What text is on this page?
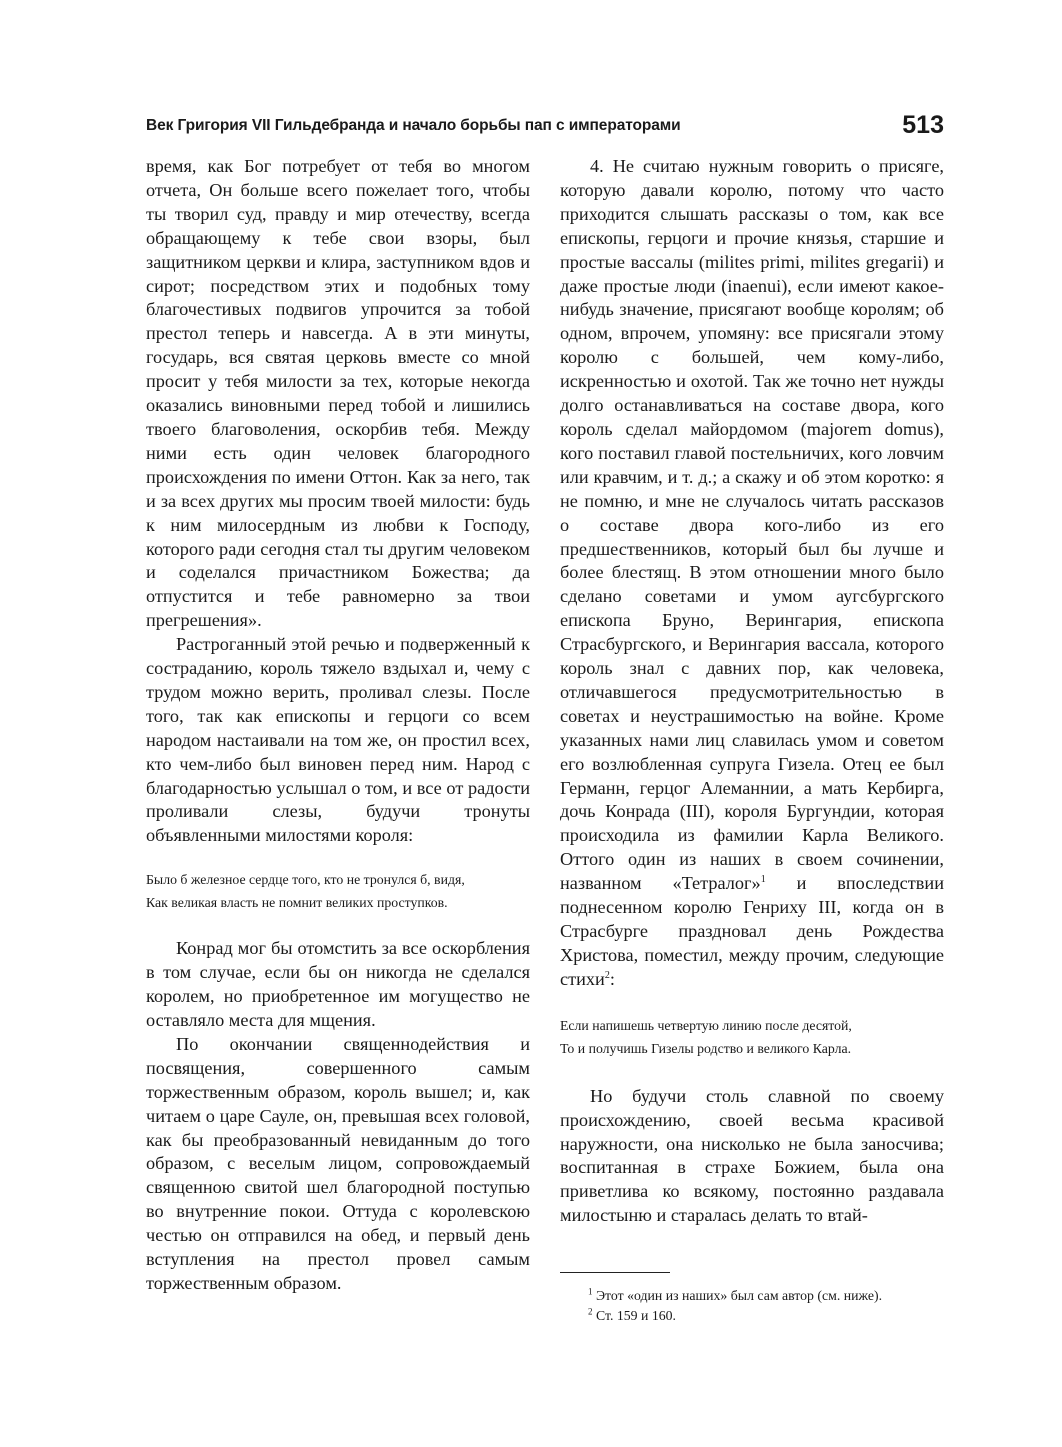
Век Григория VII Гильдебранда и начало борьбы пап с императорами	513

время, как Бог потребует от тебя во многом отчета, Он больше всего пожелает того, чтобы ты творил суд, правду и мир отечеству, всегда обращающему к тебе свои взоры, был защитником церкви и клира, заступником вдов и сирот; посредством этих и подобных тому благочестивых подвигов упрочится за тобой престол теперь и навсегда. А в эти минуты, государь, вся святая церковь вместе со мной просит у тебя милости за тех, которые некогда оказались виновными перед тобой и лишились твоего благоволения, оскорбив тебя. Между ними есть один человек благородного происхождения по имени Оттон. Как за него, так и за всех других мы просим твоей милости: будь к ним милосердным из любви к Господу, которого ради сегодня стал ты другим человеком и соделался причастником Божества; да отпустится и тебе равномерно за твои прегрешения».

Растроганный этой речью и подверженный к состраданию, король тяжело вздыхал и, чему с трудом можно верить, проливал слезы. После того, так как епископы и герцоги со всем народом настаивали на том же, он простил всех, кто чем-либо был виновен перед ним. Народ с благодарностью услышал о том, и все от радости проливали слезы, будучи тронуты объявленными милостями короля:

Было б железное сердце того, кто не тронулся б, видя,
Как великая власть не помнит великих проступков.

Конрад мог бы отомстить за все оскорбления в том случае, если бы он никогда не сделался королем, но приобретенное им могущество не оставляло места для мщения.

По окончании священнодействия и посвящения, совершенного самым торжественным образом, король вышел; и, как читаем о царе Сауле, он, превышая всех головой, как бы преобразованный невиданным до того образом, с веселым лицом, сопровождаемый священною свитой шел благородной поступью во внутренние покои. Оттуда с королевскою честью он отправился на обед, и первый день вступления на престол провел самым торжественным образом.

4. Не считаю нужным говорить о присяге, которую давали королю, потому что часто приходится слышать рассказы о том, как все епископы, герцоги и прочие князья, старшие и простые вассалы (milites primi, milites gregarii) и даже простые люди (inaenui), если имеют какое-нибудь значение, присягают вообще королям; об одном, впрочем, упомяну: все присягали этому королю с большей, чем кому-либо, искренностью и охотой. Так же точно нет нужды долго останавливаться на составе двора, кого король сделал майордомом (majorem domus), кого поставил главой постельничих, кого ловчим или кравчим, и т. д.; а скажу и об этом коротко: я не помню, и мне не случалось читать рассказов о составе двора кого-либо из его предшественников, который был бы лучше и более блестящ. В этом отношении много было сделано советами и умом аугсбургского епископа Бруно, Верингария, епископа Страсбургского, и Верингария вассала, которого король знал с давних пор, как человека, отличавшегося предусмотрительностью в советах и неустрашимостью на войне. Кроме указанных нами лиц славилась умом и советом его возлюбленная супруга Гизела. Отец ее был Германн, герцог Алеманнии, а мать Кербирга, дочь Конрада (III), короля Бургундии, которая происходила из фамилии Карла Великого. Оттого один из наших в своем сочинении, названном «Тетралог»$^1$ и впоследствии поднесенном королю Генриху III, когда он в Страсбурге праздновал день Рождества Христова, поместил, между прочим, следующие стихи$^2$:

Если напишешь четвертую линию после десятой,
То и получишь Гизелы родство и великого Карла.

Но будучи столь славной по своему происхождению, своей весьма красивой наружности, она нисколько не была заносчива; воспитанная в страхе Божием, была она приветлива ко всякому, постоянно раздавала милостыню и старалась делать то втай-

$^1$ Этот «один из наших» был сам автор (см. ниже).
$^2$ Ст. 159 и 160.
